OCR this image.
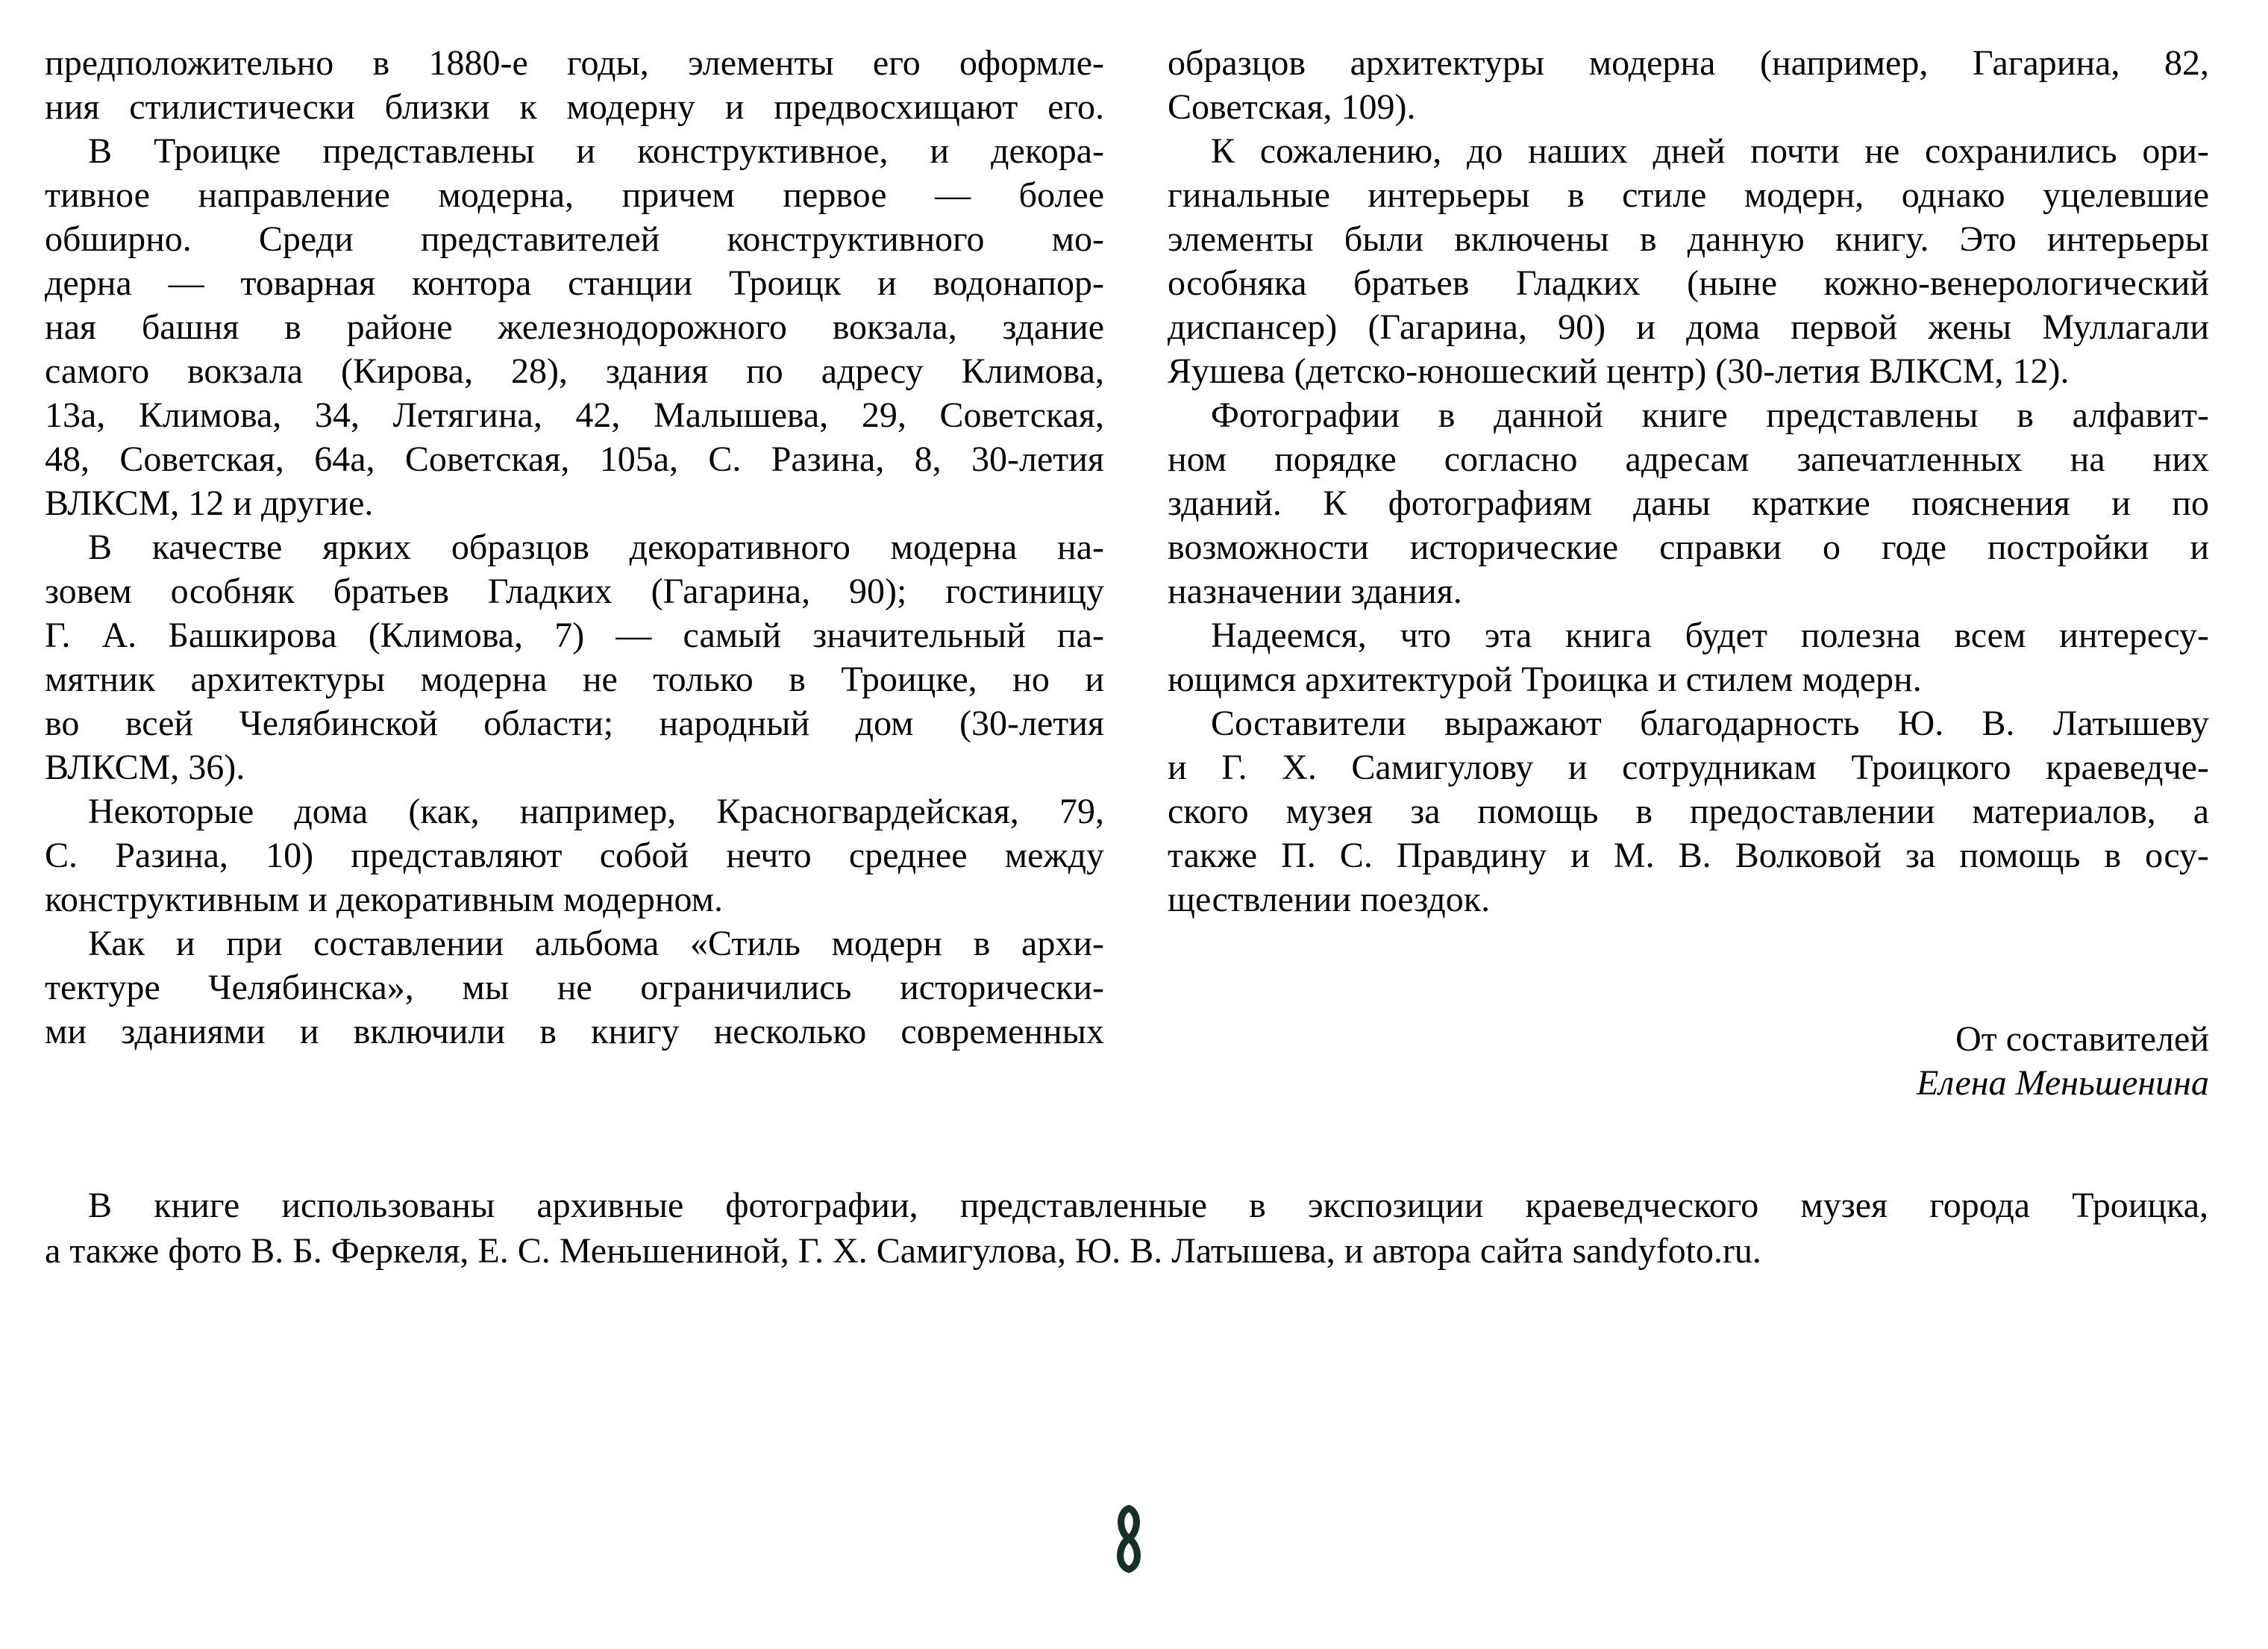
предположительно в 1880-е годы, элементы его оформле-
ния стилистически близки к модерну и предвосхищают его.
В Троицке представлены и конструктивное, и декора-
тивное направление модерна, причем первое — более
обширно. Среди представителей конструктивного мо-
дерна — товарная контора станции Троицк и водонапор-
ная башня в районе железнодорожного вокзала, здание
самого вокзала (Кирова, 28), здания по адресу Климова,
13а, Климова, 34, Летягина, 42, Малышева, 29, Советская,
48, Советская, 64а, Советская, 105а, С. Разина, 8, 30-летия
ВЛКСМ, 12 и другие.
В качестве ярких образцов декоративного модерна на-
зовем особняк братьев Гладких (Гагарина, 90); гостиницу
Г. А. Башкирова (Климова, 7) — самый значительный па-
мятник архитектуры модерна не только в Троицке, но и
во всей Челябинской области; народный дом (30-летия
ВЛКСМ, 36).
Некоторые дома (как, например, Красногвардейская, 79,
С. Разина, 10) представляют собой нечто среднее между
конструктивным и декоративным модерном.
Как и при составлении альбома «Стиль модерн в архи-
тектуре Челябинска», мы не ограничились исторически-
ми зданиями и включили в книгу несколько современных
образцов архитектуры модерна (например, Гагарина, 82,
Советская, 109).
К сожалению, до наших дней почти не сохранились ори-
гинальные интерьеры в стиле модерн, однако уцелевшие
элементы были включены в данную книгу. Это интерьеры
особняка братьев Гладких (ныне кожно-венерологический
диспансер) (Гагарина, 90) и дома первой жены Муллагали
Яушева (детско-юношеский центр) (30-летия ВЛКСМ, 12).
Фотографии в данной книге представлены в алфавит-
ном порядке согласно адресам запечатленных на них
зданий. К фотографиям даны краткие пояснения и по
возможности исторические справки о годе постройки и
назначении здания.
Надеемся, что эта книга будет полезна всем интересу-
ющимся архитектурой Троицка и стилем модерн.
Составители выражают благодарность Ю. В. Латышеву
и Г. Х. Самигулову и сотрудникам Троицкого краеведче-
ского музея за помощь в предоставлении материалов, а
также П. С. Правдину и М. В. Волковой за помощь в осу-
ществлении поездок.
От составителей
Елена Меньшенина
В книге использованы архивные фотографии, представленные в экспозиции краеведческого музея города Троицка,
а также фото В. Б. Феркеля, Е. С. Меньшениной, Г. Х. Самигулова, Ю. В. Латышева, и автора сайта sandyfoto.ru.
